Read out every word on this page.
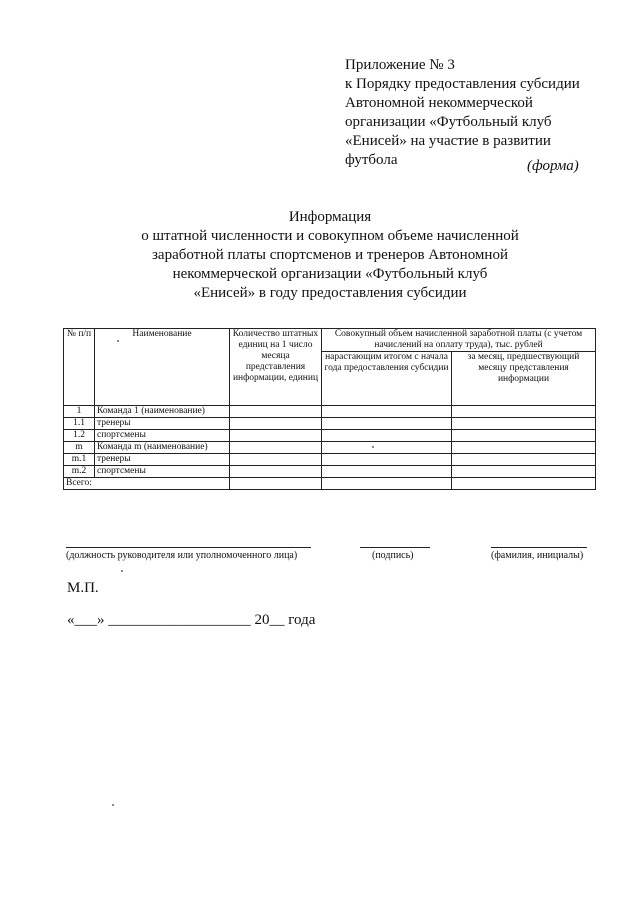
Приложение № 3
к Порядку предоставления субсидии
Автономной некоммерческой
организации «Футбольный клуб
«Енисей» на участие в развитии
футбола	(форма)
Информация
о штатной численности и совокупном объеме начисленной
заработной платы спортсменов и тренеров Автономной
некоммерческой организации «Футбольный клуб
«Енисей» в году предоставления субсидии
№ п/п	Наименование	Количество штатных единиц на 1 число месяца представления информации, единиц	Совокупный объем начисленной заработной платы (с учетом начислений на оплату труда), тыс. рублей	
			нарастающим итогом с начала года предоставления субсидии	за месяц, предшествующий месяцу представления информации
1	Команда 1 (наименование)			
1.1	тренеры			
1.2	спортсмены			
m	Команда m (наименование)			
m.1	тренеры			
m.2	спортсмены			
Всего:				
(должность руководителя или уполномоченного лица)	(подпись)	(фамилия, инициалы)
М.П.
«___» ___________________ 20__ года
